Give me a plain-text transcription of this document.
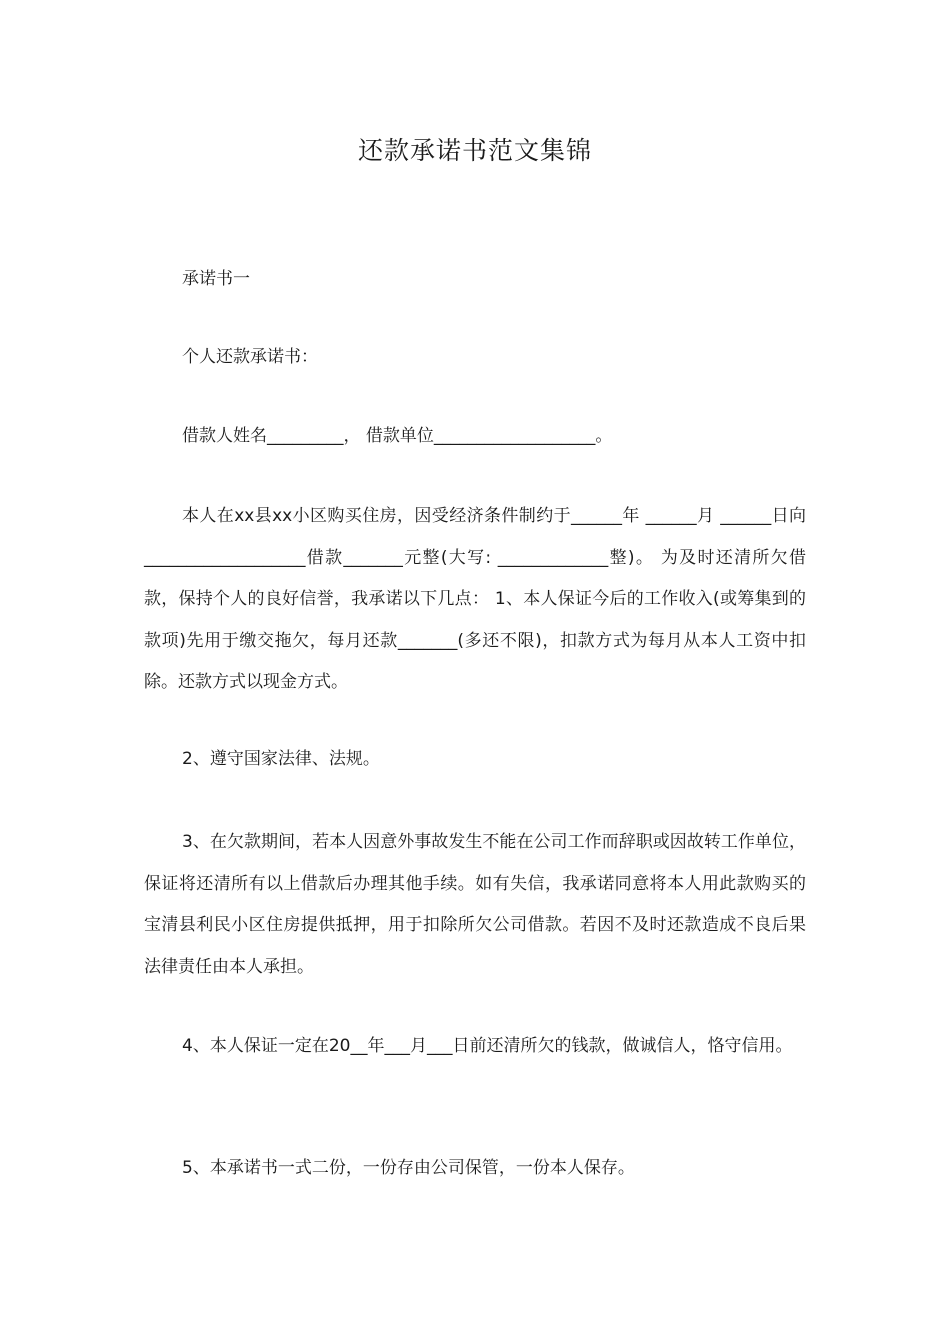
还款承诺书范文集锦

承诺书一

个人还款承诺书：

借款人姓名_________， 借款单位___________________。

本人在xx县xx小区购买住房，因受经济条件制约于______年 ______月 ______日向___________________借款_______元整(大写: _____________整)。 为及时还清所欠借款，保持个人的良好信誉，我承诺以下几点： 1、本人保证今后的工作收入(或筹集到的款项)先用于缴交拖欠，每月还款_______(多还不限)，扣款方式为每月从本人工资中扣除。还款方式以现金方式。

2、遵守国家法律、法规。

3、在欠款期间，若本人因意外事故发生不能在公司工作而辞职或因故转工作单位，保证将还清所有以上借款后办理其他手续。如有失信，我承诺同意将本人用此款购买的宝清县利民小区住房提供抵押，用于扣除所欠公司借款。若因不及时还款造成不良后果法律责任由本人承担。

4、本人保证一定在20__年___月___日前还清所欠的钱款，做诚信人，恪守信用。

5、本承诺书一式二份，一份存由公司保管，一份本人保存。
